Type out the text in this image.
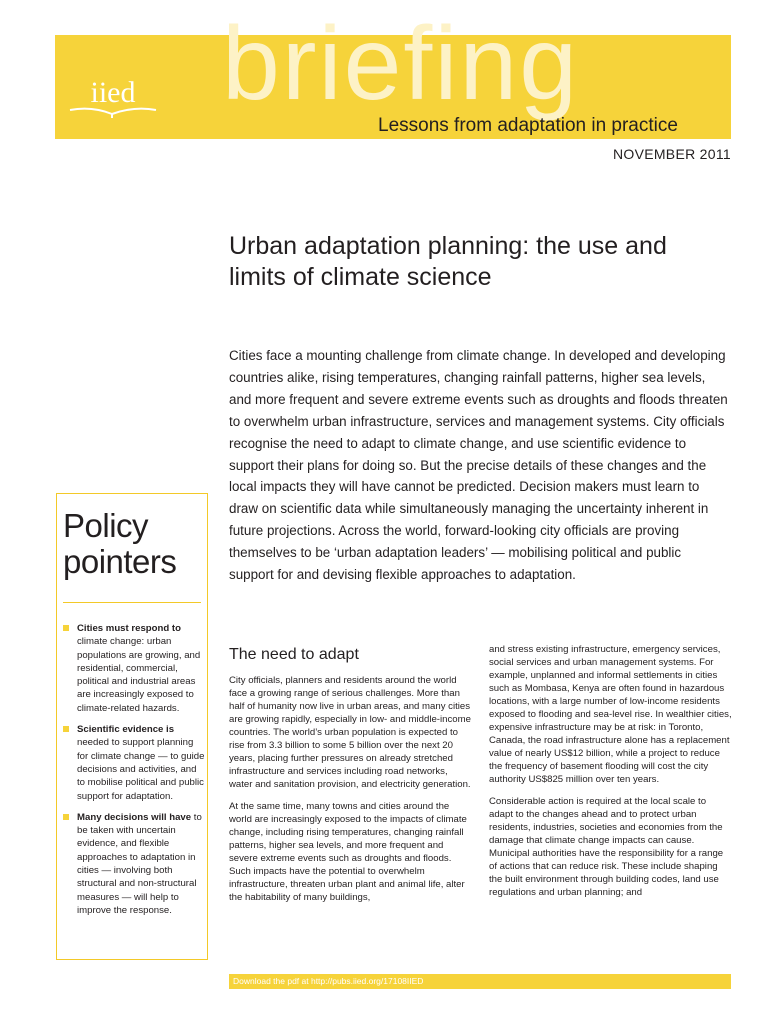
iied briefing
Lessons from adaptation in practice
NOVEMBER 2011
Urban adaptation planning: the use and limits of climate science

Cities face a mounting challenge from climate change. In developed and developing countries alike, rising temperatures, changing rainfall patterns, higher sea levels, and more frequent and severe extreme events such as droughts and floods threaten to overwhelm urban infrastructure, services and management systems. City officials recognise the need to adapt to climate change, and use scientific evidence to support their plans for doing so. But the precise details of these changes and the local impacts they will have cannot be predicted. Decision makers must learn to draw on scientific data while simultaneously managing the uncertainty inherent in future projections. Across the world, forward-looking city officials are proving themselves to be ‘urban adaptation leaders’ — mobilising political and public support for and devising flexible approaches to adaptation.

Policy pointers
Cities must respond to climate change: urban populations are growing, and residential, commercial, political and industrial areas are increasingly exposed to climate-related hazards.
Scientific evidence is needed to support planning for climate change — to guide decisions and activities, and to mobilise political and public support for adaptation.
Many decisions will have to be taken with uncertain evidence, and flexible approaches to adaptation in cities — involving both structural and non-structural measures — will help to improve the response.
The need to adapt

City officials, planners and residents around the world face a growing range of serious challenges. More than half of humanity now live in urban areas, and many cities are growing rapidly, especially in low- and middle-income countries. The world’s urban population is expected to rise from 3.3 billion to some 5 billion over the next 20 years, placing further pressures on already stretched infrastructure and services including road networks, water and sanitation provision, and electricity generation.

At the same time, many towns and cities around the world are increasingly exposed to the impacts of climate change, including rising temperatures, changing rainfall patterns, higher sea levels, and more frequent and severe extreme events such as droughts and floods. Such impacts have the potential to overwhelm infrastructure, threaten urban plant and animal life, alter the habitability of many buildings,

and stress existing infrastructure, emergency services, social services and urban management systems. For example, unplanned and informal settlements in cities such as Mombasa, Kenya are often found in hazardous locations, with a large number of low-income residents exposed to flooding and sea-level rise. In wealthier cities, expensive infrastructure may be at risk: in Toronto, Canada, the road infrastructure alone has a replacement value of nearly US$12 billion, while a project to reduce the frequency of basement flooding will cost the city authority US$825 million over ten years.

Considerable action is required at the local scale to adapt to the changes ahead and to protect urban residents, industries, societies and economies from the damage that climate change impacts can cause. Municipal authorities have the responsibility for a range of actions that can reduce risk. These include shaping the built environment through building codes, land use regulations and urban planning; and

Download the pdf at http://pubs.iied.org/17108IIED
